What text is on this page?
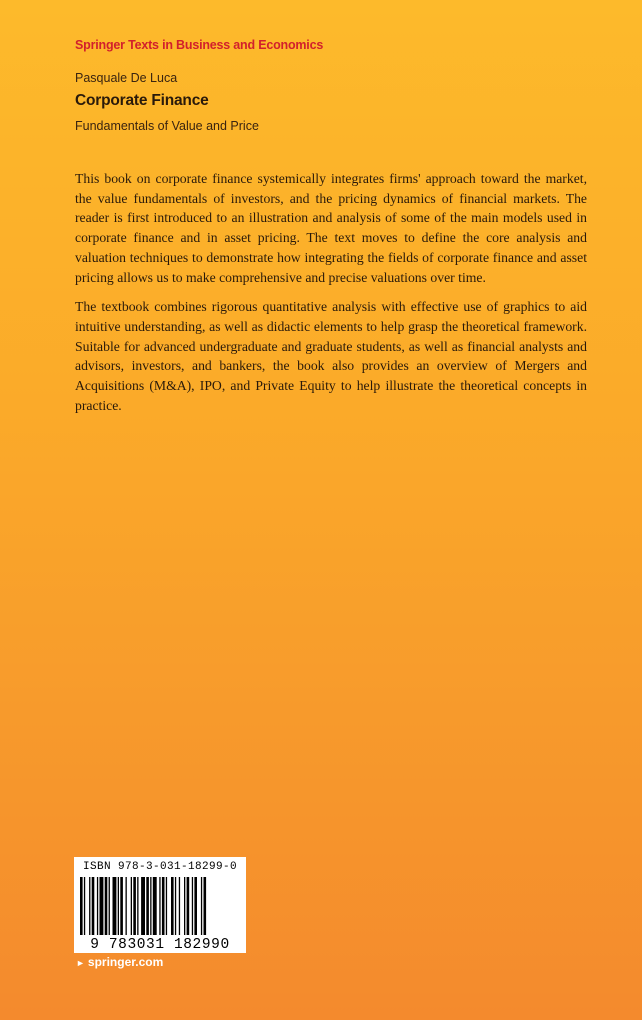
Springer Texts in Business and Economics
Pasquale De Luca
Corporate Finance
Fundamentals of Value and Price

This book on corporate finance systemically integrates firms' approach toward the market, the value fundamentals of investors, and the pricing dynamics of financial markets. The reader is first introduced to an illustration and analysis of some of the main models used in corporate finance and in asset pricing. The text moves to define the core analysis and valuation techniques to demonstrate how integrating the fields of corporate finance and asset pricing allows us to make comprehensive and precise valuations over time.

The textbook combines rigorous quantitative analysis with effective use of graphics to aid intuitive understanding, as well as didactic elements to help grasp the theoretical framework. Suitable for advanced undergraduate and graduate students, as well as financial analysts and advisors, investors, and bankers, the book also provides an overview of Mergers and Acquisitions (M&A), IPO, and Private Equity to help illustrate the theoretical concepts in practice.

ISBN 978-3-031-18299-0
9 783031 182990
► springer.com
